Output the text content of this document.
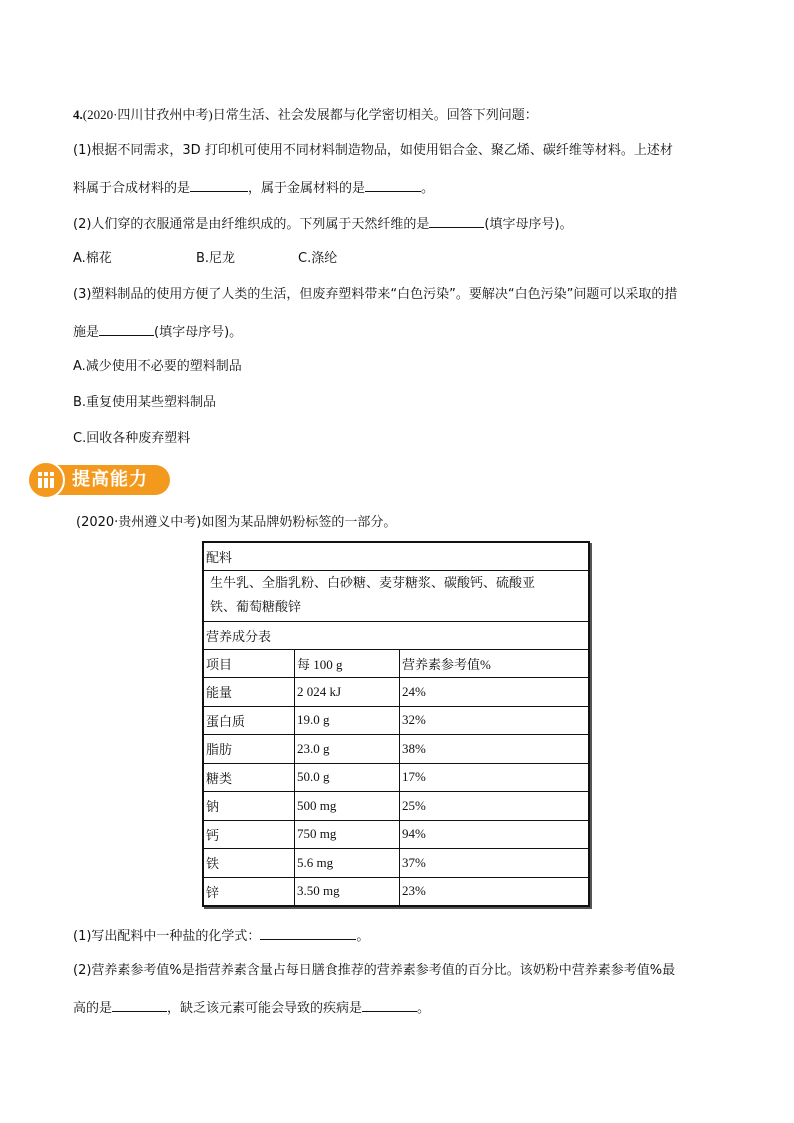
4.(2020·四川甘孜州中考)日常生活、社会发展都与化学密切相关。回答下列问题：
(1)根据不同需求，3D 打印机可使用不同材料制造物品，如使用铝合金、聚乙烯、碳纤维等材料。上述材
料属于合成材料的是	，属于金属材料的是	。
(2)人们穿的衣服通常是由纤维织成的。下列属于天然纤维的是	(填字母序号)。
A.棉花	B.尼龙	C.涤纶
(3)塑料制品的使用方便了人类的生活，但废弃塑料带来“白色污染”。要解决“白色污染”问题可以采取的措
施是	(填字母序号)。
A.减少使用不必要的塑料制品
B.重复使用某些塑料制品
C.回收各种废弃塑料
提高能力
(2020·贵州遵义中考)如图为某品牌奶粉标签的一部分。
配料		

生牛乳、全脂乳粉、白砂糖、麦芽糖浆、碳酸钙、硫酸亚
铁、葡萄糖酸锌		

营养成分表		
项目	每 100 g	营养素参考值%
能量	2 024 kJ	24%
蛋白质	19.0 g	32%
脂肪	23.0 g	38%
糖类	50.0 g	17%
钠	500 mg	25%
钙	750 mg	94%
铁	5.6 mg	37%
锌	3.50 mg	23%
(1)写出配料中一种盐的化学式：	。
(2)营养素参考值%是指营养素含量占每日膳食推荐的营养素参考值的百分比。该奶粉中营养素参考值%最
高的是	，缺乏该元素可能会导致的疾病是	。
